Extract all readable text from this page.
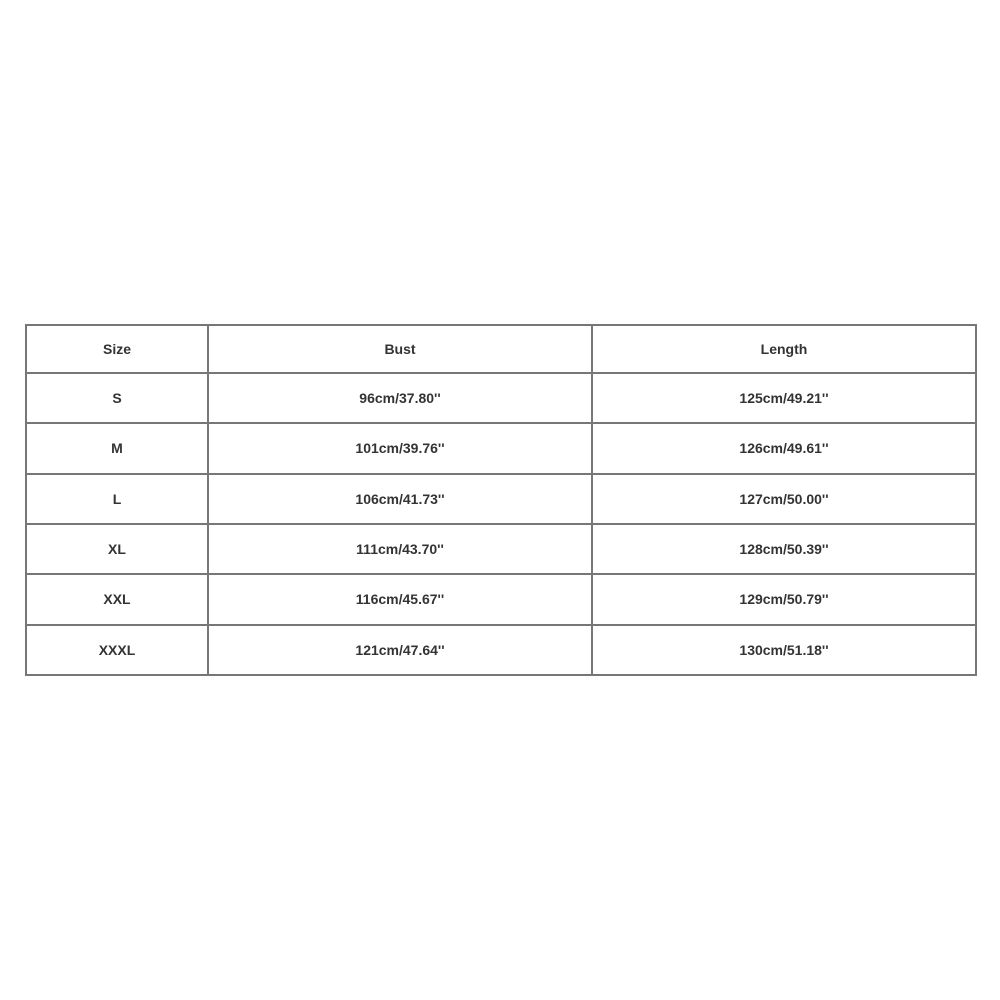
Size	Bust	Length
S	96cm/37.80''	125cm/49.21''
M	101cm/39.76''	126cm/49.61''
L	106cm/41.73''	127cm/50.00''
XL	111cm/43.70''	128cm/50.39''
XXL	116cm/45.67''	129cm/50.79''
XXXL	121cm/47.64''	130cm/51.18''
